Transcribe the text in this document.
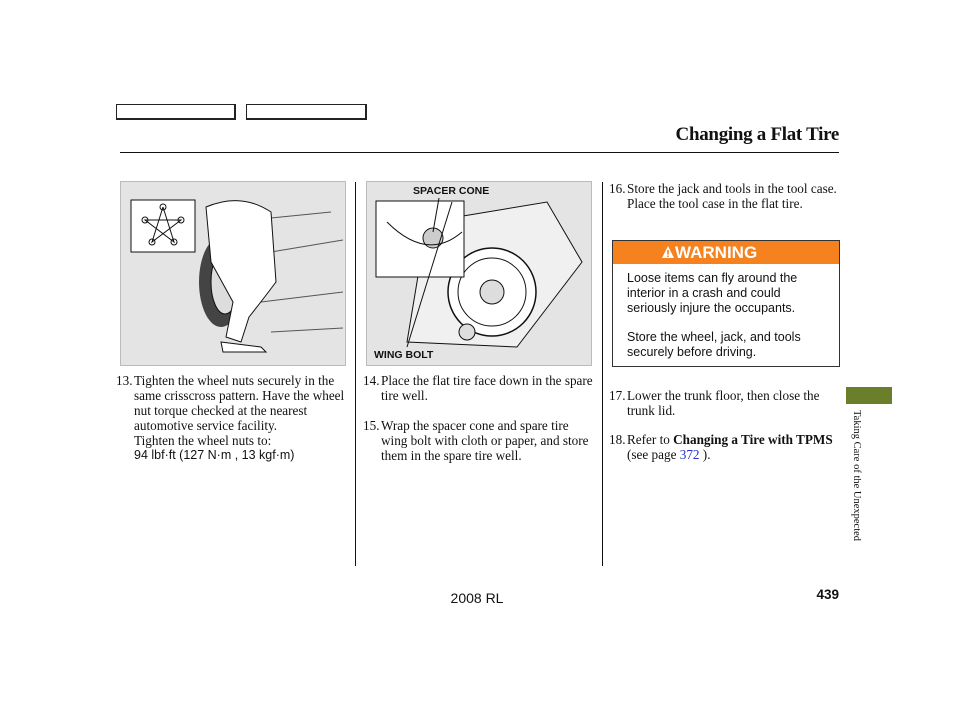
Changing a Flat Tire
SPACER CONE
WING BOLT
13. Tighten the wheel nuts securely in the same crisscross pattern. Have the wheel nut torque checked at the nearest automotive service facility.
Tighten the wheel nuts to:
94 lbf·ft (127 N·m , 13 kgf·m)
14. Place the flat tire face down in the spare tire well.
15. Wrap the spacer cone and spare tire wing bolt with cloth or paper, and store them in the spare tire well.
16. Store the jack and tools in the tool case. Place the tool case in the flat tire.
WARNING
Loose items can fly around the interior in a crash and could seriously injure the occupants.
Store the wheel, jack, and tools securely before driving.
17. Lower the trunk floor, then close the trunk lid.
18. Refer to Changing a Tire with TPMS (see page 372 ).	Taking Care of the Unexpected
2008 RL	439
